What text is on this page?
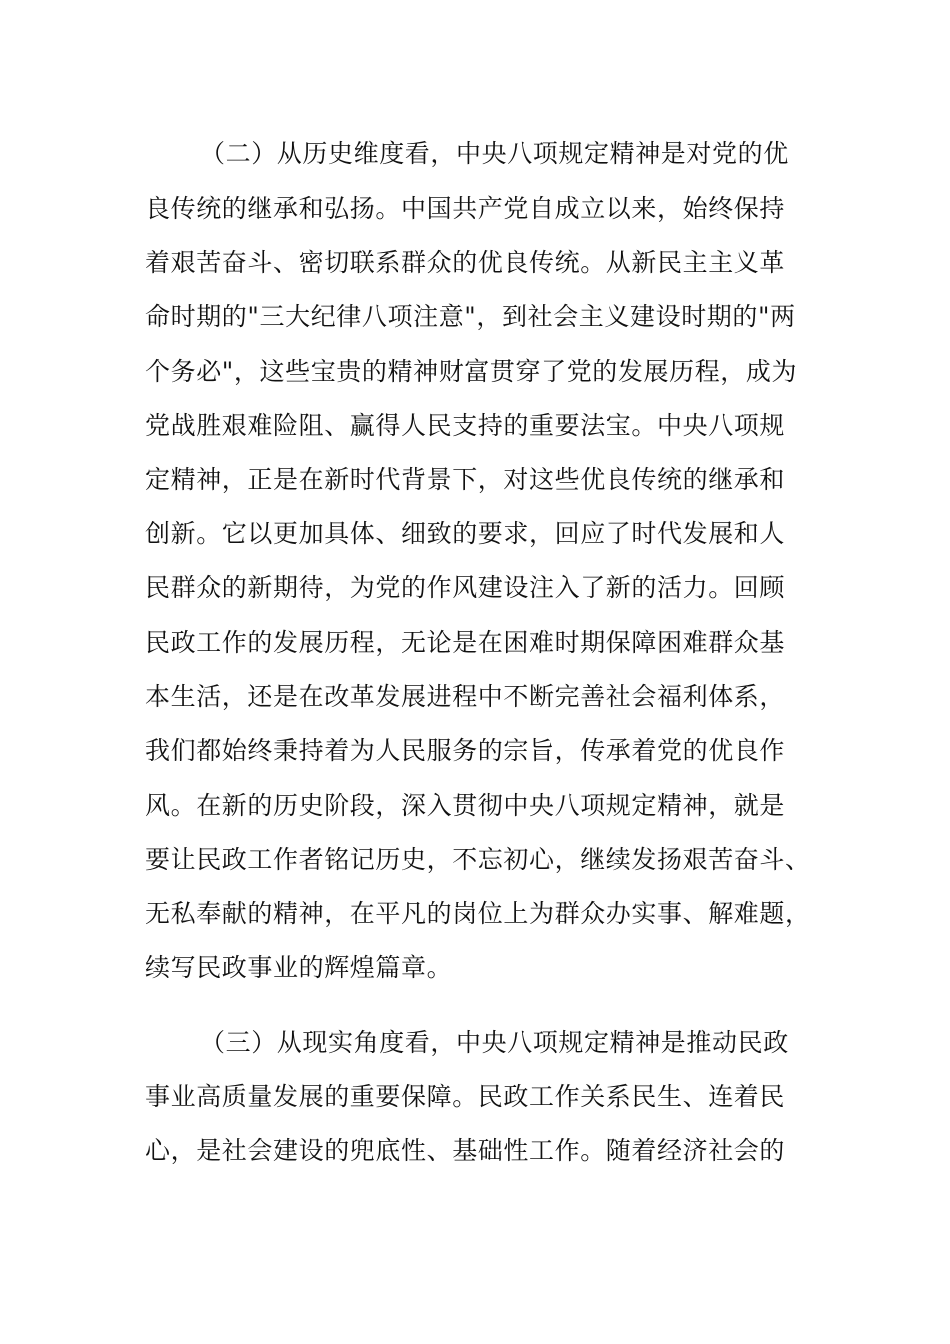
（二）从历史维度看，中央八项规定精神是对党的优
良传统的继承和弘扬。中国共产党自成立以来，始终保持
着艰苦奋斗、密切联系群众的优良传统。从新民主主义革
命时期的"三大纪律八项注意"，到社会主义建设时期的"两
个务必"，这些宝贵的精神财富贯穿了党的发展历程，成为
党战胜艰难险阻、赢得人民支持的重要法宝。中央八项规
定精神，正是在新时代背景下，对这些优良传统的继承和
创新。它以更加具体、细致的要求，回应了时代发展和人
民群众的新期待，为党的作风建设注入了新的活力。回顾
民政工作的发展历程，无论是在困难时期保障困难群众基
本生活，还是在改革发展进程中不断完善社会福利体系，
我们都始终秉持着为人民服务的宗旨，传承着党的优良作
风。在新的历史阶段，深入贯彻中央八项规定精神，就是
要让民政工作者铭记历史，不忘初心，继续发扬艰苦奋斗、
无私奉献的精神，在平凡的岗位上为群众办实事、解难题，
续写民政事业的辉煌篇章。
（三）从现实角度看，中央八项规定精神是推动民政
事业高质量发展的重要保障。民政工作关系民生、连着民
心，是社会建设的兜底性、基础性工作。随着经济社会的
